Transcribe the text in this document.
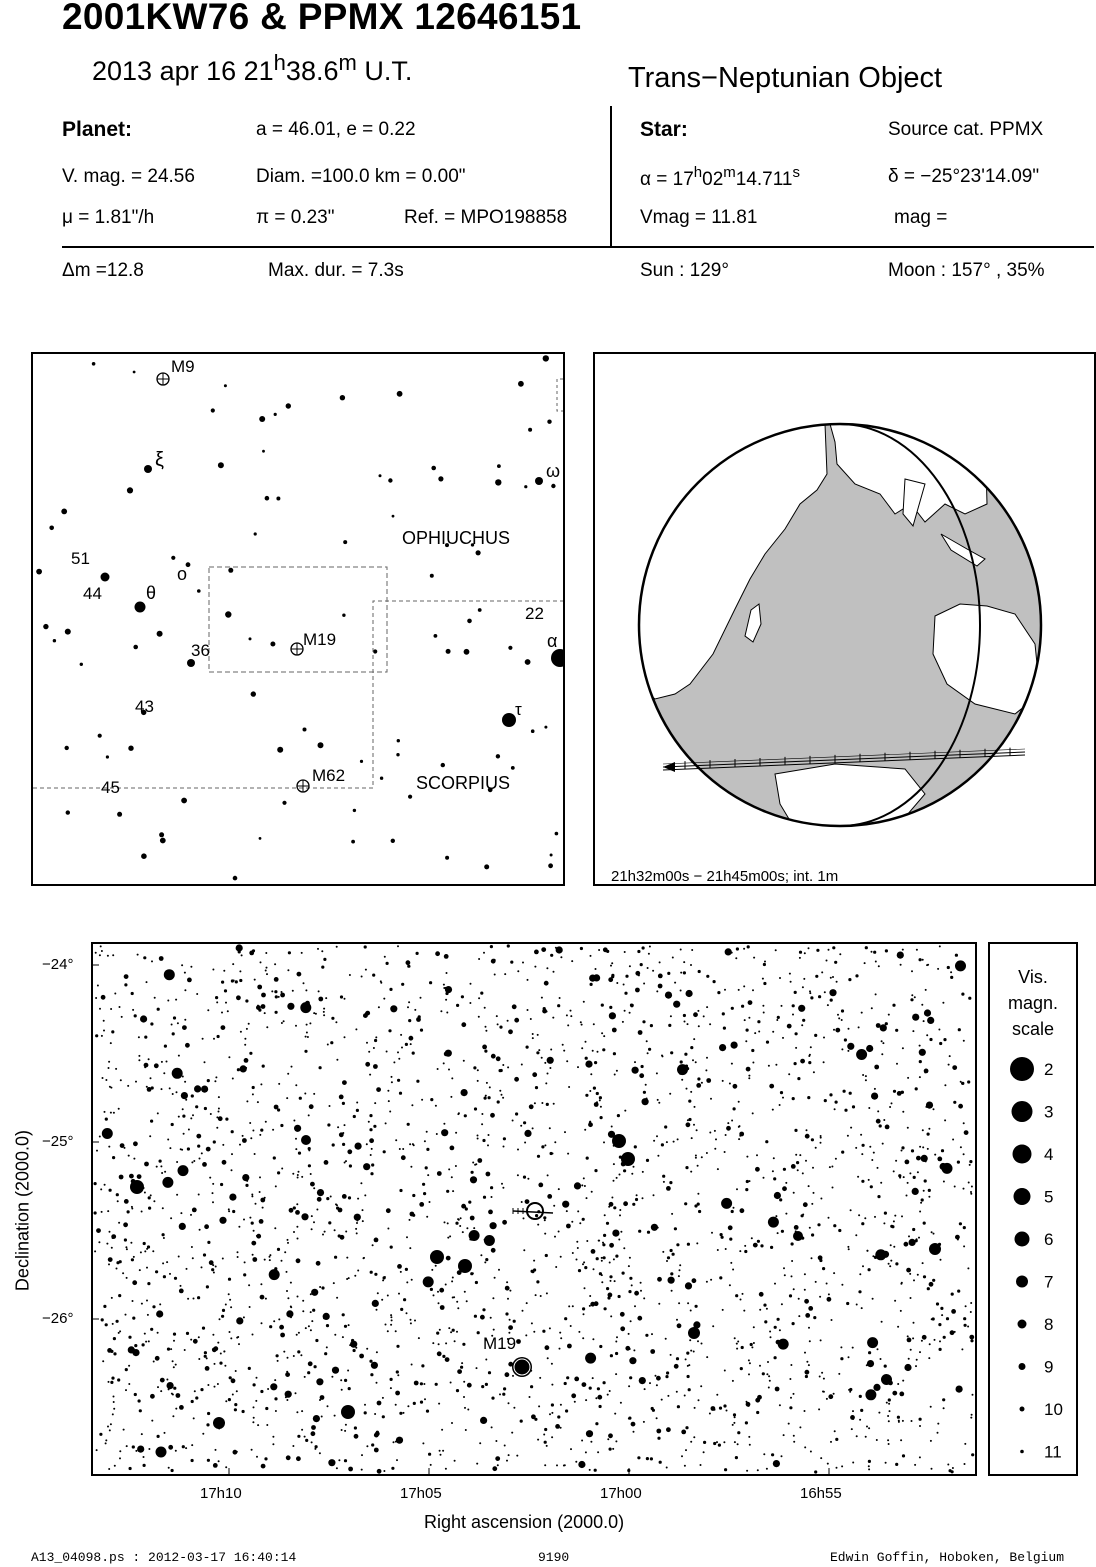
2001KW76 & PPMX 12646151
2013 apr 16 21$^h$38.6$^m$ U.T.	Trans−Neptunian Object
Planet:	a = 46.01, e = 0.22
V. mag. = 24.56	Diam. =100.0 km = 0.00"
μ = 1.81"/h	π = 0.23"	Ref. = MPO198858
Star:	Source cat. PPMX
$\alpha = 17^h02^m14.711^s$	δ = −25°23'14.09"
Vmag = 11.81	mag =
Δm =12.8	Max. dur. = 7.3s	Sun : 129°	Moon : 157° , 35%
M9
ξ	ω
51
44
ο
θ
22
α
36
M19
43	τ
45
M62
OPHIUCHUS
SCORPIUS
21h32m00s − 21h45m00s; int. 1m
M19
−24°
−25°
−26°
17h10	17h05	17h00	16h55
Right ascension (2000.0)
Declination (2000.0)
Vis.
magn.
scale
2
3
4
5
6
7
8
9
10
11
A13_04098.ps : 2012-03-17 16:40:14	9190	Edwin Goffin, Hoboken, Belgium
